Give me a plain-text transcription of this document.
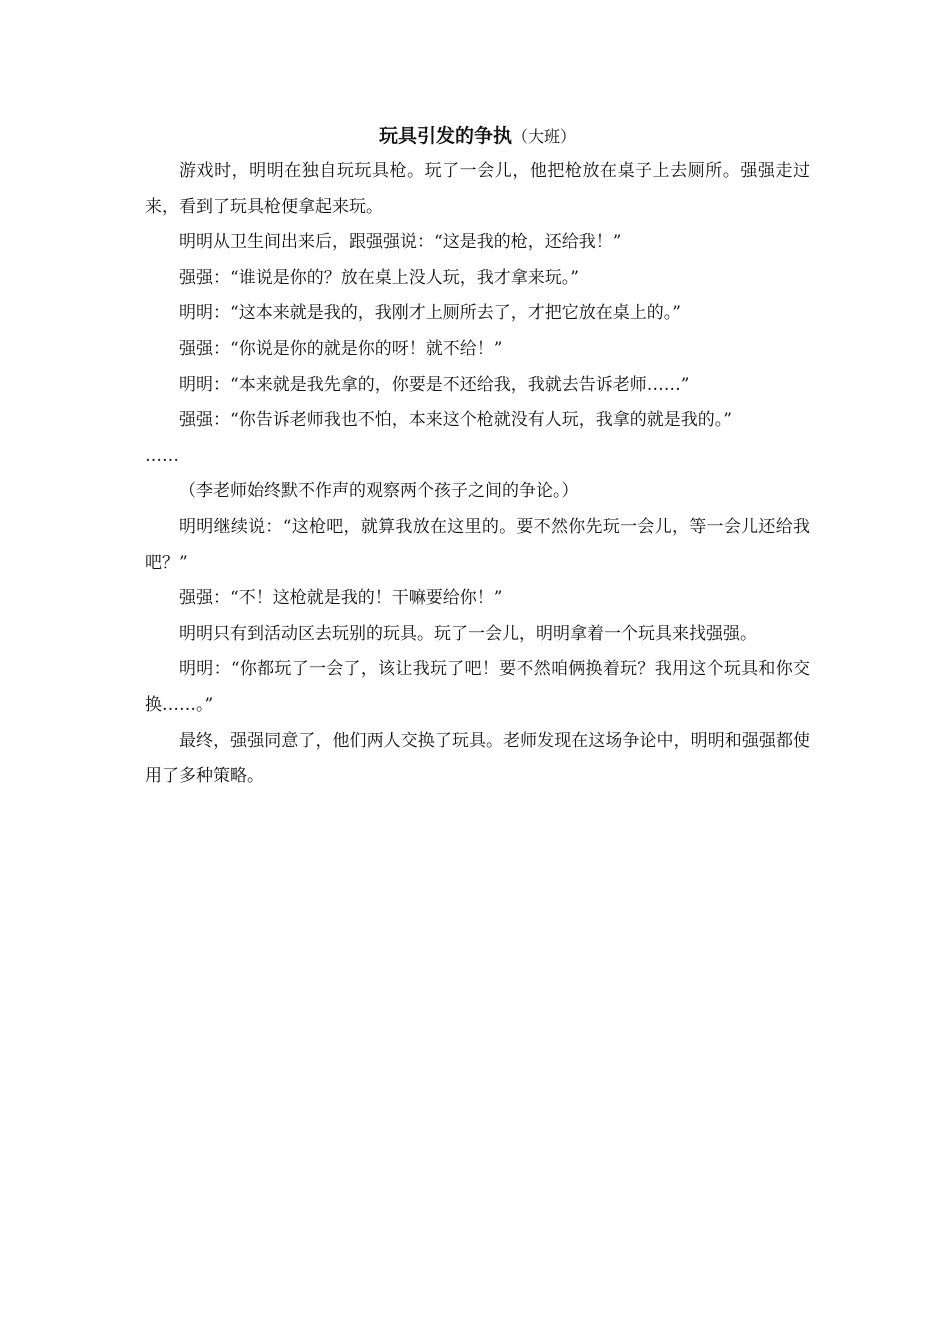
玩具引发的争执（大班）

游戏时，明明在独自玩玩具枪。玩了一会儿，他把枪放在桌子上去厕所。强强走过来，看到了玩具枪便拿起来玩。

明明从卫生间出来后，跟强强说：“这是我的枪，还给我！”

强强：“谁说是你的？放在桌上没人玩，我才拿来玩。”

明明：“这本来就是我的，我刚才上厕所去了，才把它放在桌上的。”

强强：“你说是你的就是你的呀！就不给！”

明明：“本来就是我先拿的，你要是不还给我，我就去告诉老师……”

强强：“你告诉老师我也不怕，本来这个枪就没有人玩，我拿的就是我的。”

……

（李老师始终默不作声的观察两个孩子之间的争论。）

明明继续说：“这枪吧，就算我放在这里的。要不然你先玩一会儿，等一会儿还给我吧？”

强强：“不！这枪就是我的！干嘛要给你！”

明明只有到活动区去玩别的玩具。玩了一会儿，明明拿着一个玩具来找强强。

明明：“你都玩了一会了，该让我玩了吧！要不然咱俩换着玩？我用这个玩具和你交换……。”

最终，强强同意了，他们两人交换了玩具。老师发现在这场争论中，明明和强强都使用了多种策略。
